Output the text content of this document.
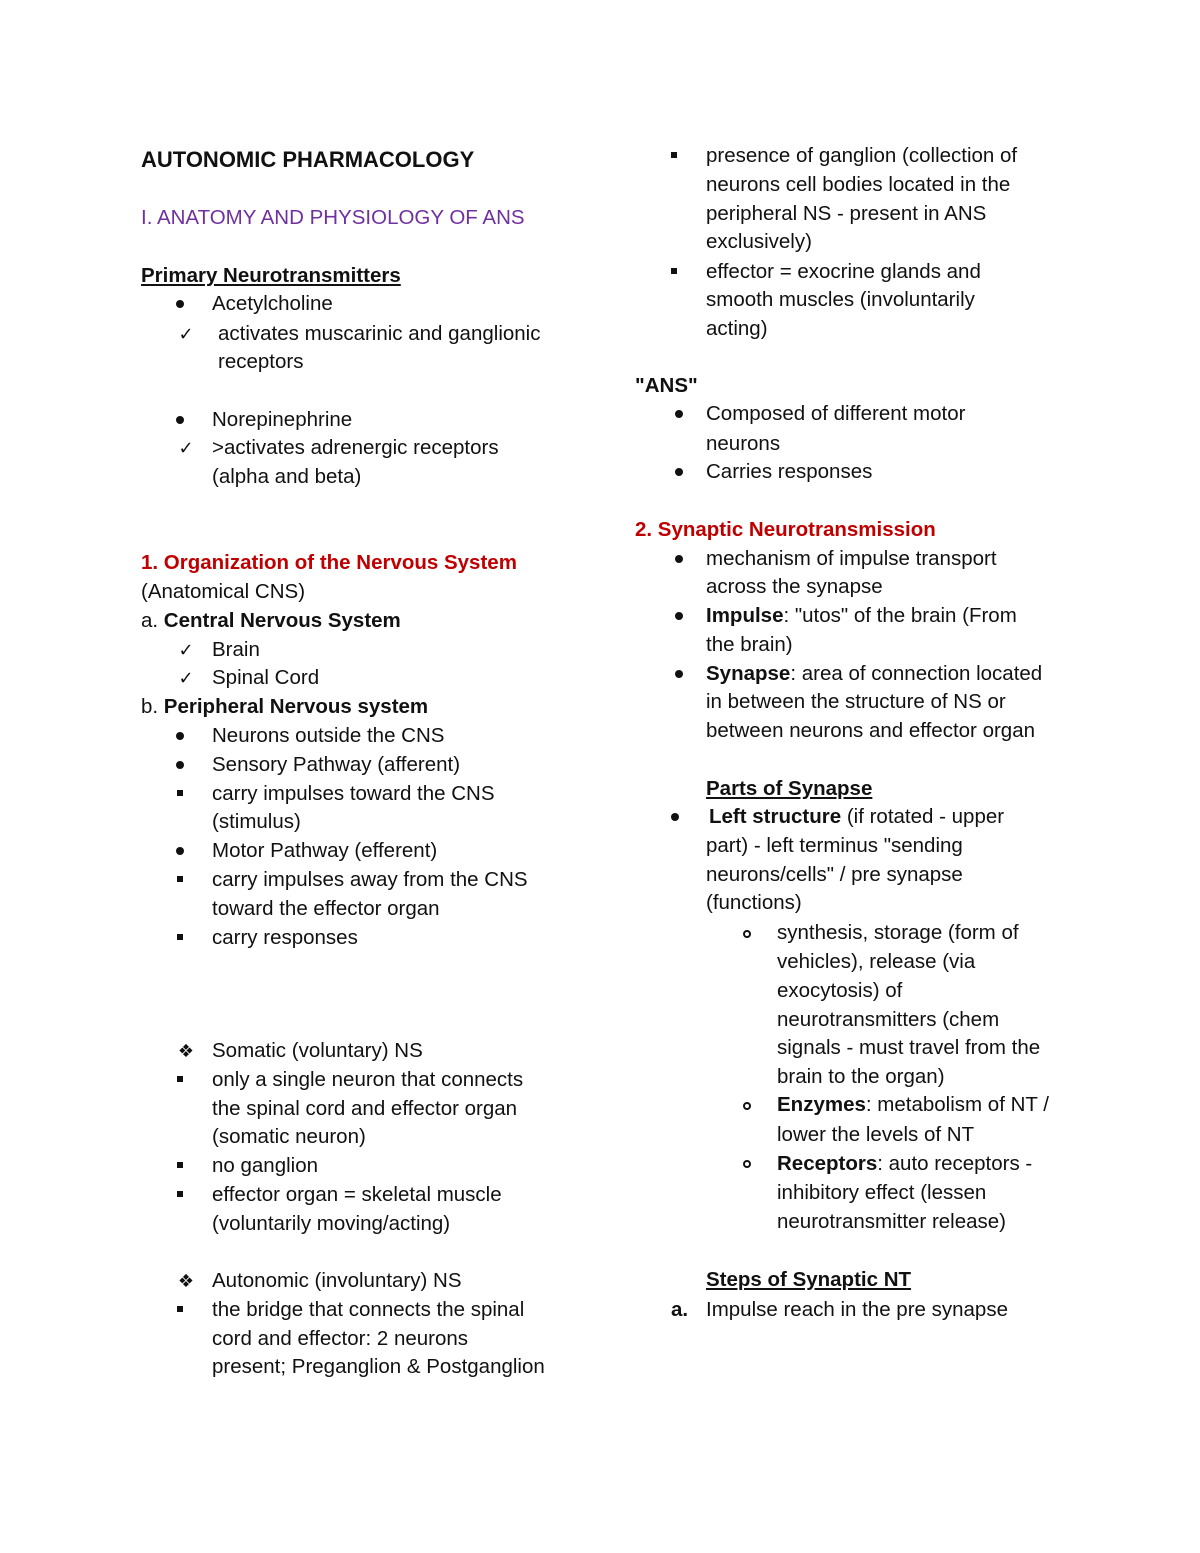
AUTONOMIC PHARMACOLOGY
I. ANATOMY AND PHYSIOLOGY OF ANS
Primary Neurotransmitters
Acetylcholine
✓ activates muscarinic and ganglionic
receptors
Norepinephrine
✓ >activates adrenergic receptors
(alpha and beta)
1. Organization of the Nervous System
(Anatomical CNS)
a. Central Nervous System
✓ Brain
✓ Spinal Cord
b. Peripheral Nervous system
Neurons outside the CNS
Sensory Pathway (afferent)
carry impulses toward the CNS
(stimulus)
Motor Pathway (efferent)
carry impulses away from the CNS
toward the effector organ
carry responses
❖ Somatic (voluntary) NS
only a single neuron that connects
the spinal cord and effector organ
(somatic neuron)
no ganglion
effector organ = skeletal muscle
(voluntarily moving/acting)
❖ Autonomic (involuntary) NS
the bridge that connects the spinal
cord and effector: 2 neurons
present; Preganglion & Postganglion
presence of ganglion (collection of
neurons cell bodies located in the
peripheral NS - present in ANS
exclusively)
effector = exocrine glands and
smooth muscles (involuntarily
acting)
"ANS"
Composed of different motor
neurons
Carries responses
2. Synaptic Neurotransmission
mechanism of impulse transport
across the synapse
Impulse: "utos" of the brain (From
the brain)
Synapse: area of connection located
in between the structure of NS or
between neurons and effector organ
Parts of Synapse
Left structure (if rotated - upper
part) - left terminus "sending
neurons/cells" / pre synapse
(functions)
synthesis, storage (form of
vehicles), release (via
exocytosis) of
neurotransmitters (chem
signals - must travel from the
brain to the organ)
Enzymes: metabolism of NT /
lower the levels of NT
Receptors: auto receptors -
inhibitory effect (lessen
neurotransmitter release)
Steps of Synaptic NT
a. Impulse reach in the pre synapse
